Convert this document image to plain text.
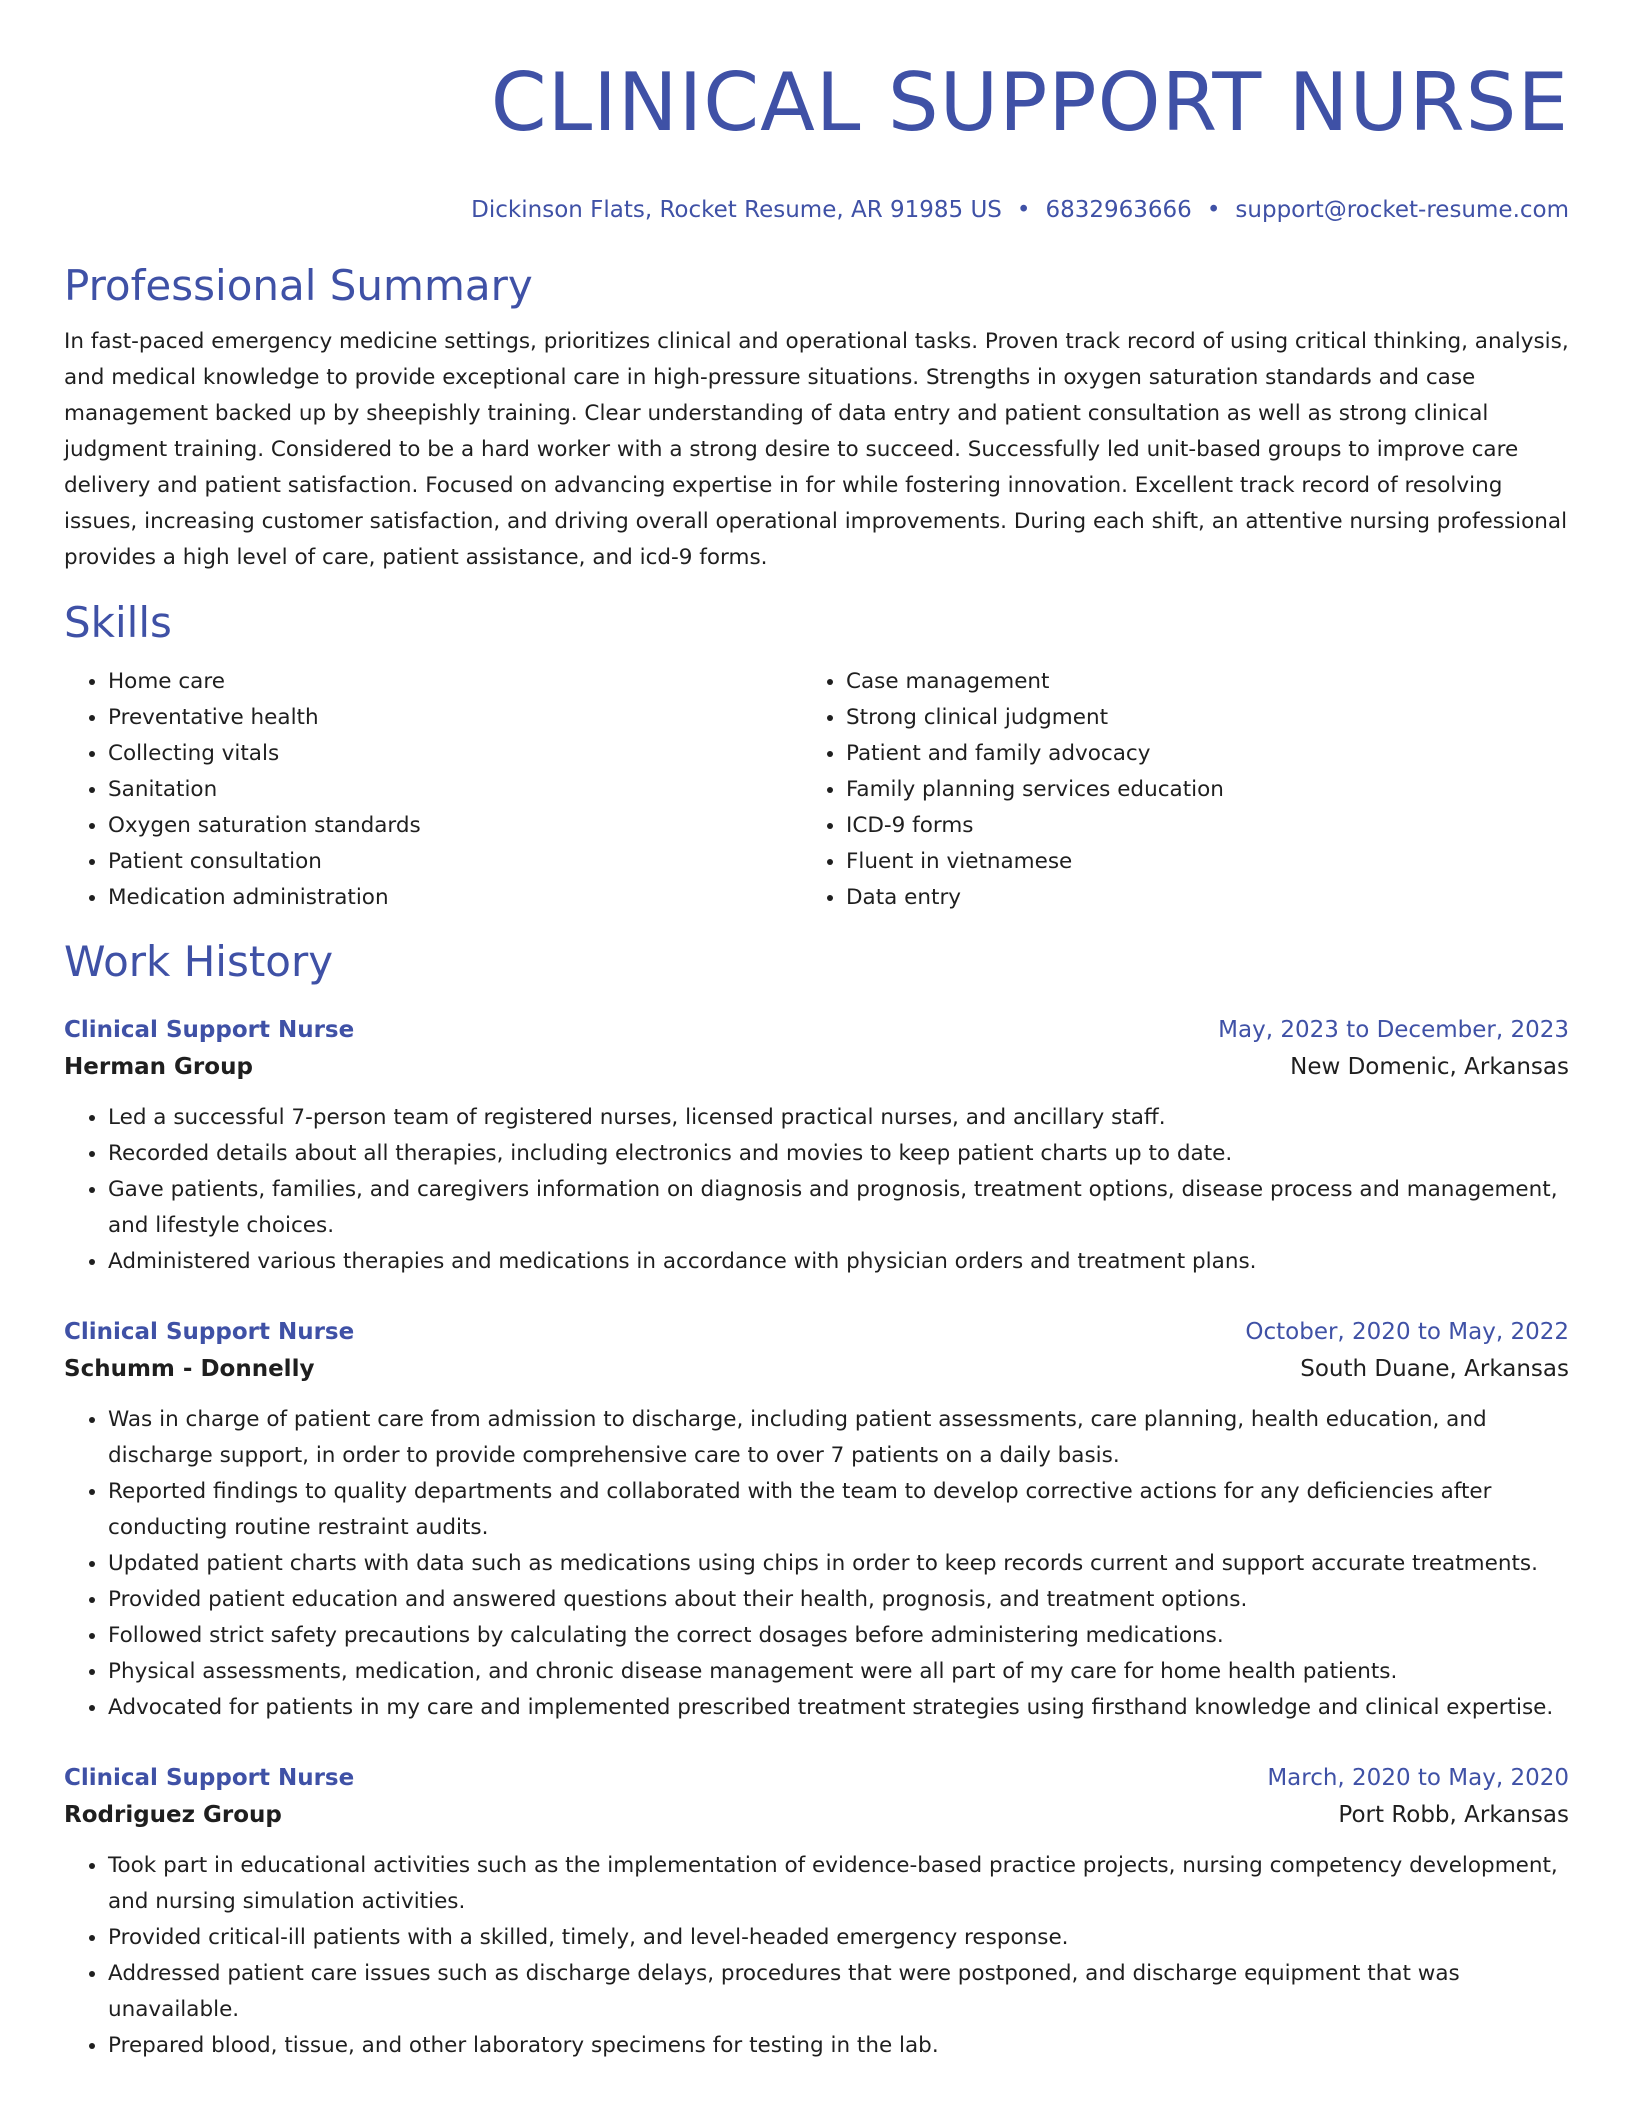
CLINICAL SUPPORT NURSE
Dickinson Flats, Rocket Resume, AR 91985 US • 6832963666 • support@rocket-resume.com
Professional Summary

In fast-paced emergency medicine settings, prioritizes clinical and operational tasks. Proven track record of using critical thinking, analysis, and medical knowledge to provide exceptional care in high-pressure situations. Strengths in oxygen saturation standards and case management backed up by sheepishly training. Clear understanding of data entry and patient consultation as well as strong clinical judgment training. Considered to be a hard worker with a strong desire to succeed. Successfully led unit-based groups to improve care delivery and patient satisfaction. Focused on advancing expertise in for while fostering innovation. Excellent track record of resolving issues, increasing customer satisfaction, and driving overall operational improvements. During each shift, an attentive nursing professional provides a high level of care, patient assistance, and icd-9 forms.

Skills
• Home care
• Preventative health
• Collecting vitals
• Sanitation
• Oxygen saturation standards
• Patient consultation
• Medication administration
• Case management
• Strong clinical judgment
• Patient and family advocacy
• Family planning services education
• ICD-9 forms
• Fluent in vietnamese
• Data entry
Work History
Clinical Support Nurse	May, 2023 to December, 2023
Herman Group	New Domenic, Arkansas
• Led a successful 7-person team of registered nurses, licensed practical nurses, and ancillary staff.
• Recorded details about all therapies, including electronics and movies to keep patient charts up to date.
• Gave patients, families, and caregivers information on diagnosis and prognosis, treatment options, disease process and management, and lifestyle choices.
• Administered various therapies and medications in accordance with physician orders and treatment plans.
Clinical Support Nurse	October, 2020 to May, 2022
Schumm - Donnelly	South Duane, Arkansas
• Was in charge of patient care from admission to discharge, including patient assessments, care planning, health education, and discharge support, in order to provide comprehensive care to over 7 patients on a daily basis.
• Reported findings to quality departments and collaborated with the team to develop corrective actions for any deficiencies after conducting routine restraint audits.
• Updated patient charts with data such as medications using chips in order to keep records current and support accurate treatments.
• Provided patient education and answered questions about their health, prognosis, and treatment options.
• Followed strict safety precautions by calculating the correct dosages before administering medications.
• Physical assessments, medication, and chronic disease management were all part of my care for home health patients.
• Advocated for patients in my care and implemented prescribed treatment strategies using firsthand knowledge and clinical expertise.
Clinical Support Nurse	March, 2020 to May, 2020
Rodriguez Group	Port Robb, Arkansas
• Took part in educational activities such as the implementation of evidence-based practice projects, nursing competency development, and nursing simulation activities.
• Provided critical-ill patients with a skilled, timely, and level-headed emergency response.
• Addressed patient care issues such as discharge delays, procedures that were postponed, and discharge equipment that was unavailable.
• Prepared blood, tissue, and other laboratory specimens for testing in the lab.
